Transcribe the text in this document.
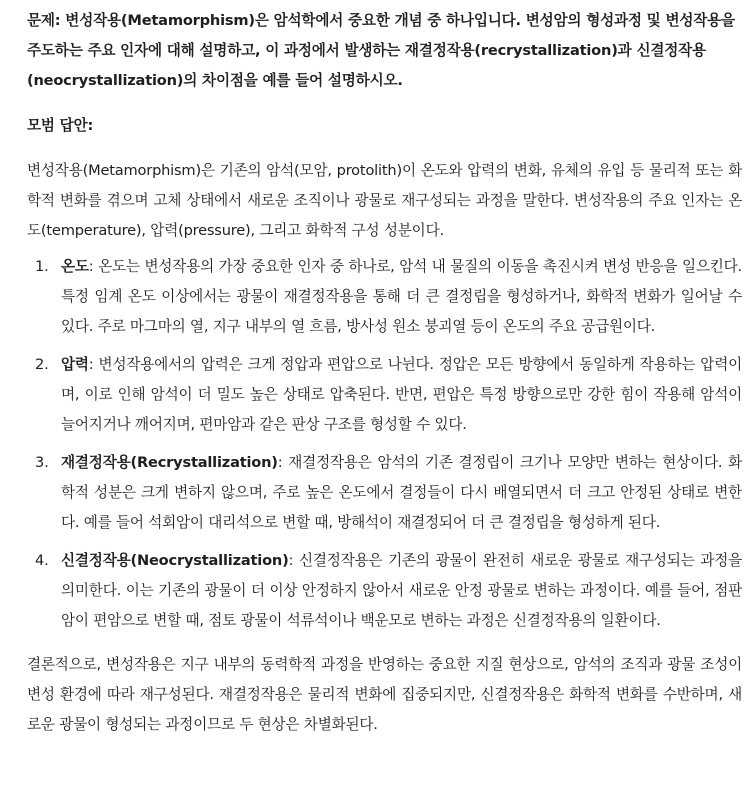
문제: 변성작용(Metamorphism)은 암석학에서 중요한 개념 중 하나입니다. 변성암의 형성과정 및 변성작용을 주도하는 주요 인자에 대해 설명하고, 이 과정에서 발생하는 재결정작용(recrystallization)과 신결정작용(neocrystallization)의 차이점을 예를 들어 설명하시오.

모범 답안:

변성작용(Metamorphism)은 기존의 암석(모암, protolith)이 온도와 압력의 변화, 유체의 유입 등 물리적 또는 화학적 변화를 겪으며 고체 상태에서 새로운 조직이나 광물로 재구성되는 과정을 말한다. 변성작용의 주요 인자는 온도(temperature), 압력(pressure), 그리고 화학적 구성 성분이다.

1. 온도: 온도는 변성작용의 가장 중요한 인자 중 하나로, 암석 내 물질의 이동을 촉진시켜 변성 반응을 일으킨다. 특정 임계 온도 이상에서는 광물이 재결정작용을 통해 더 큰 결정립을 형성하거나, 화학적 변화가 일어날 수 있다. 주로 마그마의 열, 지구 내부의 열 흐름, 방사성 원소 붕괴열 등이 온도의 주요 공급원이다.
2. 압력: 변성작용에서의 압력은 크게 정압과 편압으로 나뉜다. 정압은 모든 방향에서 동일하게 작용하는 압력이며, 이로 인해 암석이 더 밀도 높은 상태로 압축된다. 반면, 편압은 특정 방향으로만 강한 힘이 작용해 암석이 늘어지거나 깨어지며, 편마암과 같은 판상 구조를 형성할 수 있다.
3. 재결정작용(Recrystallization): 재결정작용은 암석의 기존 결정립이 크기나 모양만 변하는 현상이다. 화학적 성분은 크게 변하지 않으며, 주로 높은 온도에서 결정들이 다시 배열되면서 더 크고 안정된 상태로 변한다. 예를 들어 석회암이 대리석으로 변할 때, 방해석이 재결정되어 더 큰 결정립을 형성하게 된다.
4. 신결정작용(Neocrystallization): 신결정작용은 기존의 광물이 완전히 새로운 광물로 재구성되는 과정을 의미한다. 이는 기존의 광물이 더 이상 안정하지 않아서 새로운 안정 광물로 변하는 과정이다. 예를 들어, 점판암이 편암으로 변할 때, 점토 광물이 석류석이나 백운모로 변하는 과정은 신결정작용의 일환이다.

결론적으로, 변성작용은 지구 내부의 동력학적 과정을 반영하는 중요한 지질 현상으로, 암석의 조직과 광물 조성이 변성 환경에 따라 재구성된다. 재결정작용은 물리적 변화에 집중되지만, 신결정작용은 화학적 변화를 수반하며, 새로운 광물이 형성되는 과정이므로 두 현상은 차별화된다.
